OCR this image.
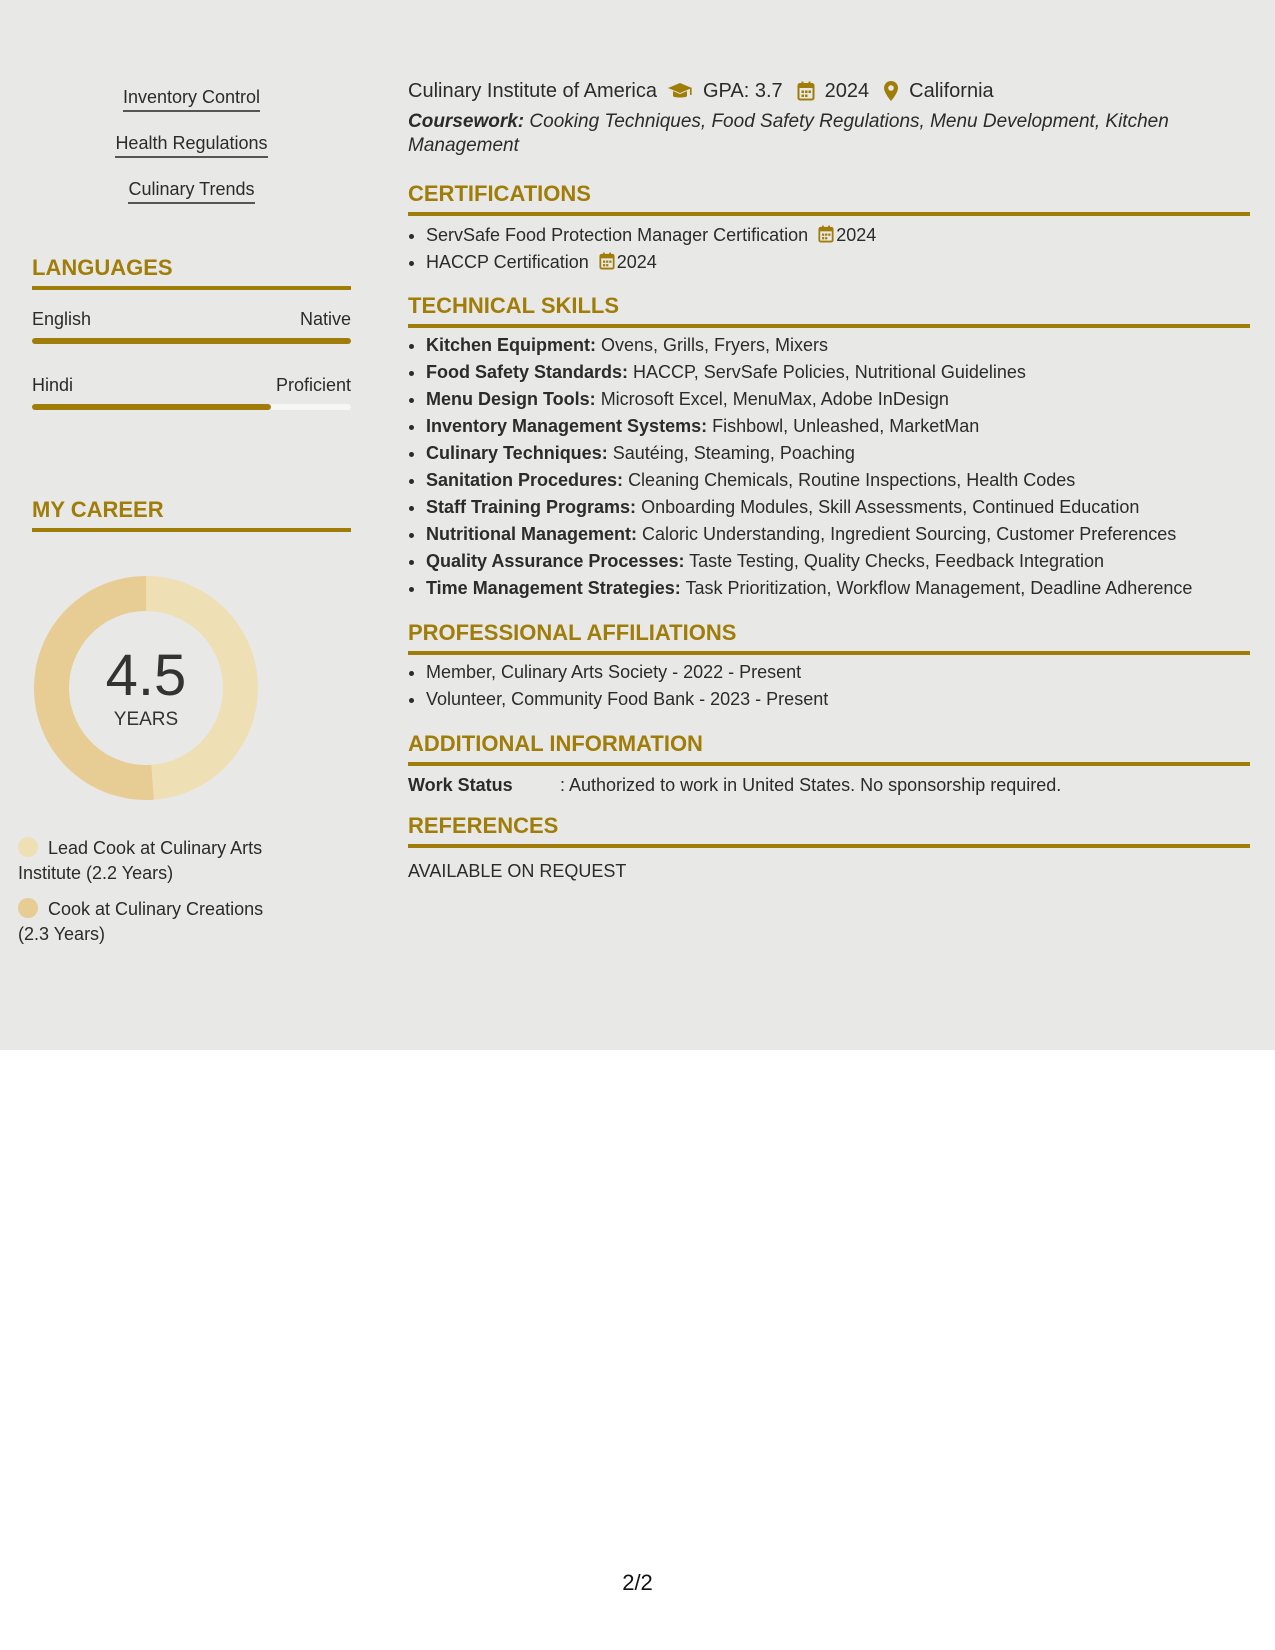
Inventory Control
Health Regulations
Culinary Trends
LANGUAGES
English	Native
Hindi	Proficient
MY CAREER
4.5
YEARS
Lead Cook at Culinary Arts Institute (2.2 Years)
Cook at Culinary Creations (2.3 Years)
Culinary Institute of America GPA: 3.7 2024 California
Coursework: Cooking Techniques, Food Safety Regulations, Menu Development, Kitchen Management
CERTIFICATIONS
• ServSafe Food Protection Manager Certification 2024
• HACCP Certification 2024
TECHNICAL SKILLS
• Kitchen Equipment: Ovens, Grills, Fryers, Mixers
• Food Safety Standards: HACCP, ServSafe Policies, Nutritional Guidelines
• Menu Design Tools: Microsoft Excel, MenuMax, Adobe InDesign
• Inventory Management Systems: Fishbowl, Unleashed, MarketMan
• Culinary Techniques: Sautéing, Steaming, Poaching
• Sanitation Procedures: Cleaning Chemicals, Routine Inspections, Health Codes
• Staff Training Programs: Onboarding Modules, Skill Assessments, Continued Education
• Nutritional Management: Caloric Understanding, Ingredient Sourcing, Customer Preferences
• Quality Assurance Processes: Taste Testing, Quality Checks, Feedback Integration
• Time Management Strategies: Task Prioritization, Workflow Management, Deadline Adherence
PROFESSIONAL AFFILIATIONS
• Member, Culinary Arts Society - 2022 - Present
• Volunteer, Community Food Bank - 2023 - Present
ADDITIONAL INFORMATION
Work Status	: Authorized to work in United States. No sponsorship required.
REFERENCES
AVAILABLE ON REQUEST
2/2
